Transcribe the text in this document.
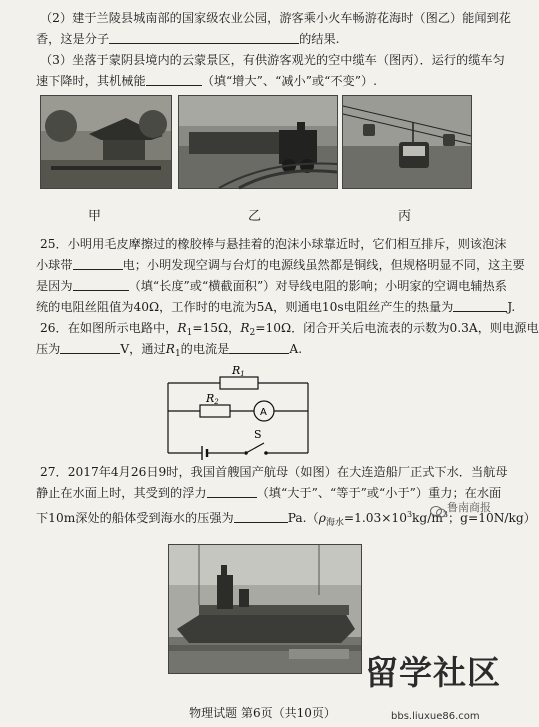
（2）建于兰陵县城南部的国家级农业公园，游客乘小火车畅游花海时（图乙）能闻到花
香，这是分子	的结果.
（3）坐落于蒙阴县境内的云蒙景区，有供游客观光的空中缆车（图丙）．运行的缆车匀
速下降时，其机械能	（填“增大”、“减小”或“不变”）.
甲	乙	丙
25．小明用毛皮摩擦过的橡胶棒与悬挂着的泡沫小球靠近时，它们相互排斥，则该泡沫
小球带	电；小明发现空调与台灯的电源线虽然都是铜线，但规格明显不同，这主要
是因为	（填“长度”或“横截面积”）对导线电阻的影响；小明家的空调电辅热系
统的电阻丝阻值为40Ω，工作时的电流为5A，则通电10s电阻丝产生的热量为	J.
26．在如图所示电路中，$R_1=15\Omega$，$R_2=10\Omega$．闭合开关后电流表的示数为0.3A，则电源电
压为	V，通过$R_1$的电流是	A.
R1
R2
A
S
27．2017年4月26日9时，我国首艘国产航母（如图）在大连造船厂正式下水．当航母
静止在水面上时，其受到的浮力	（填“大于”、“等于”或“小于”）重力；在水面
下10m深处的船体受到海水的压强为	$Pa.(\rho_{海水}=1.03\times 10^3kg/m^3$；g=10N/kg）
鲁南商报
留学社区
bbs.liuxue86.com
物理试题 第6页（共10页）
